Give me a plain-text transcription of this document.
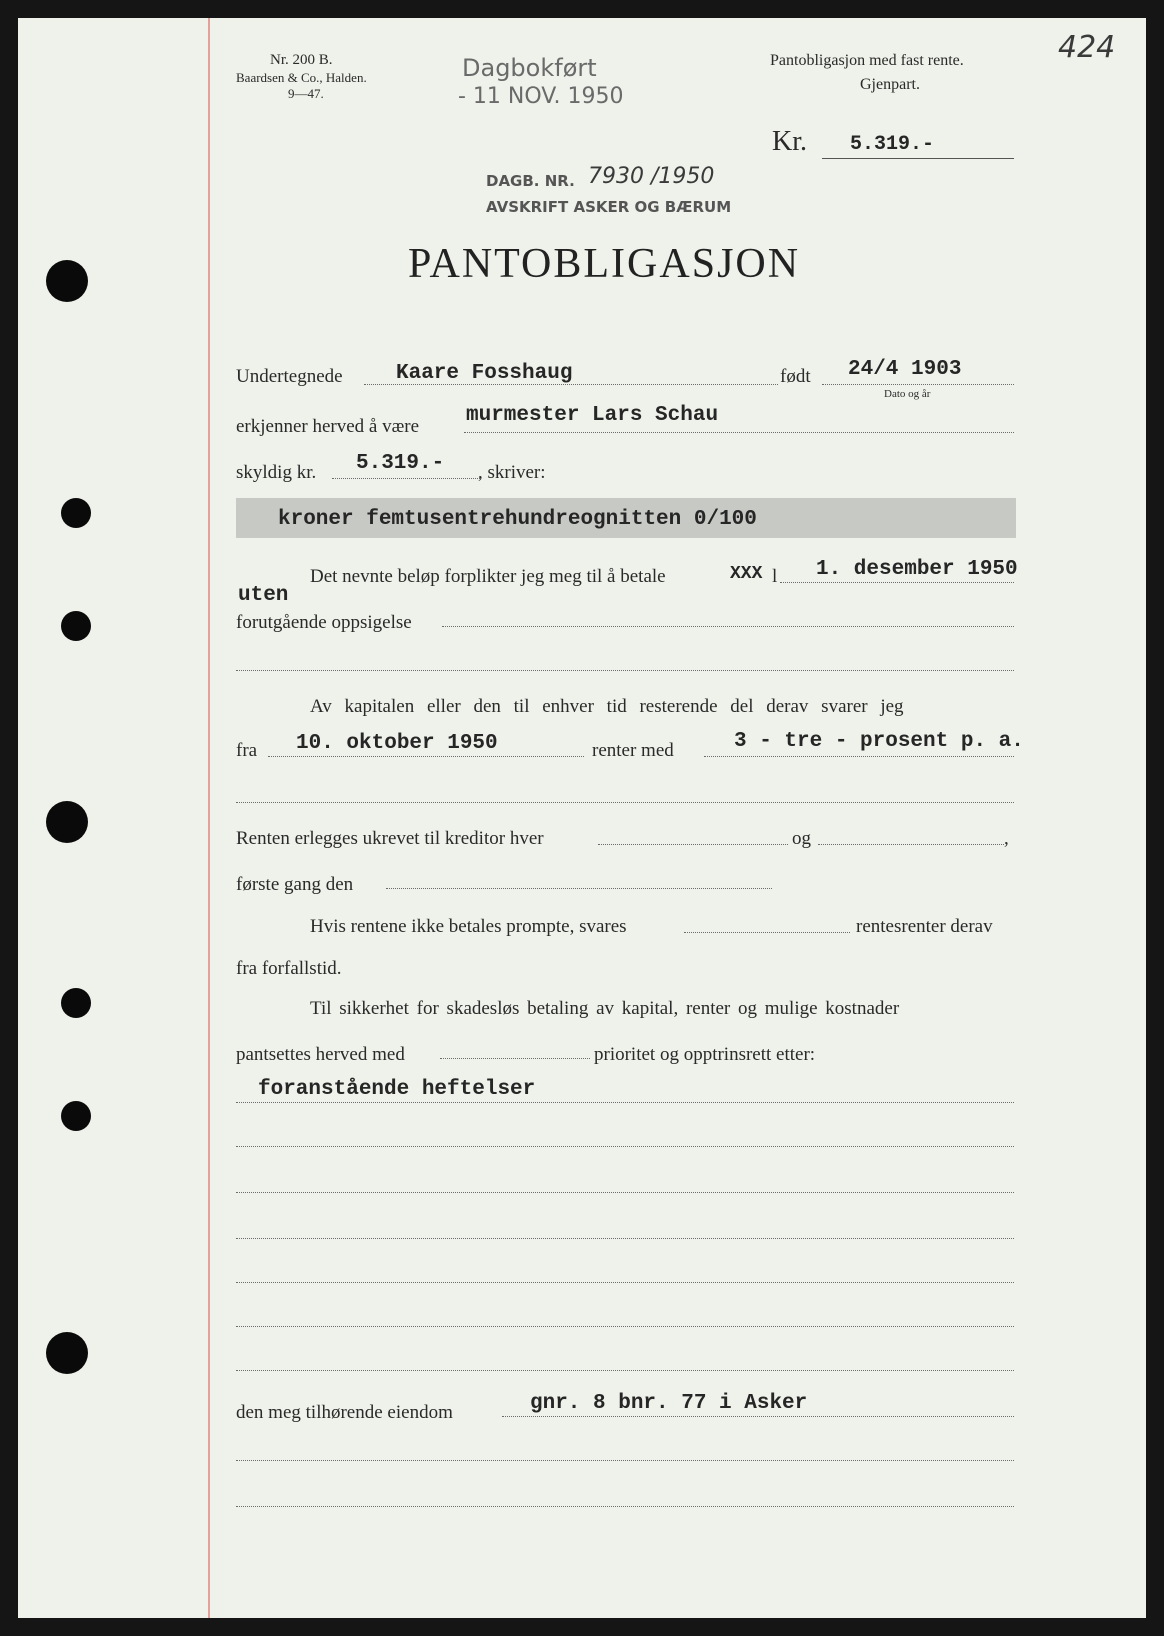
424
Nr. 200 B.
Baardsen & Co., Halden.
9—47.
Dagbokført
- 11 NOV. 1950
DAGB. NR. 7930 /1950
AVSKRIFT ASKER OG BÆRUM
Pantobligasjon med fast rente.
Gjenpart.
Kr. 5.319.-
PANTOBLIGASJON
Undertegnede	Kaare Fosshaug	født 24/4 1903
Dato og år
erkjenner herved å være murmester Lars Schau
skyldig kr. 5.319.- , skriver:
kroner femtusentrehundreognitten 0/100
Det nevnte beløp forplikter jeg meg til å betale	XXX l 1. desember 1950
uten
forutgående oppsigelse
Av kapitalen eller den til enhver tid resterende del derav svarer jeg
fra 10. oktober 1950	renter med	3 - tre - prosent p. a.
Renten erlegges ukrevet til kreditor hver	og	,
første gang den
Hvis rentene ikke betales prompte, svares	rentesrenter derav
fra forfallstid.
Til sikkerhet for skadesløs betaling av kapital, renter og mulige kostnader
pantsettes herved med	prioritet og opptrinsrett etter:
foranstående heftelser
den meg tilhørende eiendom	gnr. 8 bnr. 77 i Asker
